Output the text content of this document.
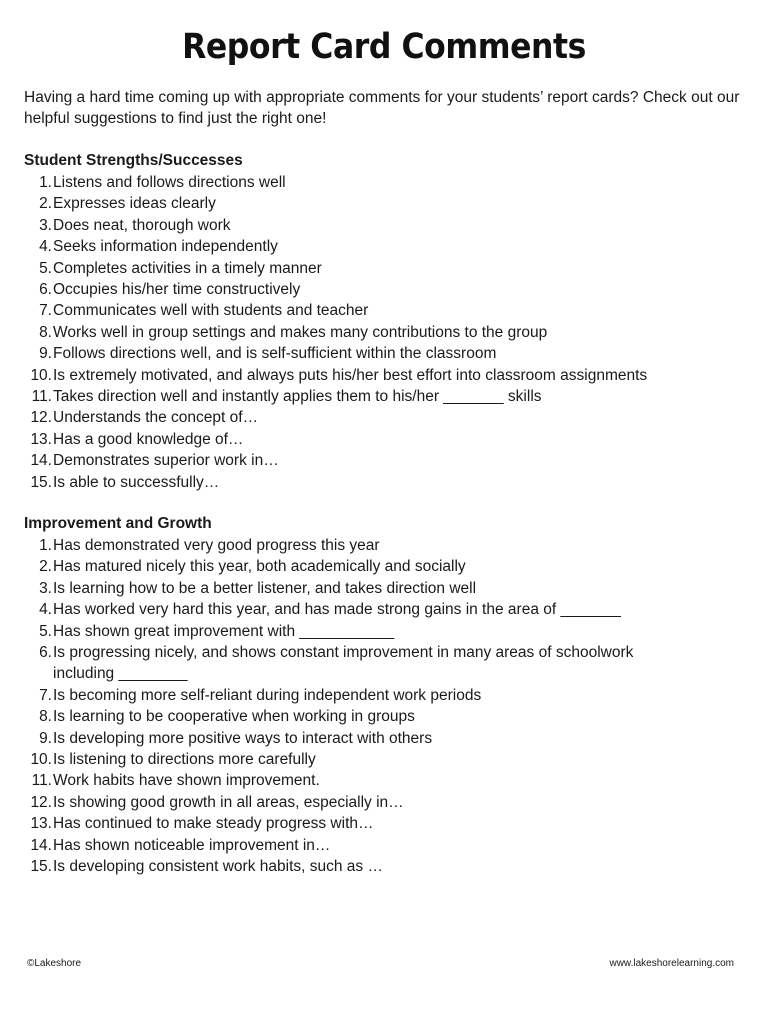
Report Card Comments

Having a hard time coming up with appropriate comments for your students’ report cards? Check out our helpful suggestions to find just the right one!

Student Strengths/Successes
1. Listens and follows directions well
2. Expresses ideas clearly
3. Does neat, thorough work
4. Seeks information independently
5. Completes activities in a timely manner
6. Occupies his/her time constructively
7. Communicates well with students and teacher
8. Works well in group settings and makes many contributions to the group
9. Follows directions well, and is self-sufficient within the classroom
10. Is extremely motivated, and always puts his/her best effort into classroom assignments
11. Takes direction well and instantly applies them to his/her _______ skills
12. Understands the concept of…
13. Has a good knowledge of…
14. Demonstrates superior work in…
15. Is able to successfully…
Improvement and Growth
1. Has demonstrated very good progress this year
2. Has matured nicely this year, both academically and socially
3. Is learning how to be a better listener, and takes direction well
4. Has worked very hard this year, and has made strong gains in the area of _______
5. Has shown great improvement with ___________
6. Is progressing nicely, and shows constant improvement in many areas of schoolwork
including ________
7. Is becoming more self-reliant during independent work periods
8. Is learning to be cooperative when working in groups
9. Is developing more positive ways to interact with others
10. Is listening to directions more carefully
11. Work habits have shown improvement.
12. Is showing good growth in all areas, especially in…
13. Has continued to make steady progress with…
14. Has shown noticeable improvement in…
15. Is developing consistent work habits, such as …
©Lakeshore	www.lakeshorelearning.com
